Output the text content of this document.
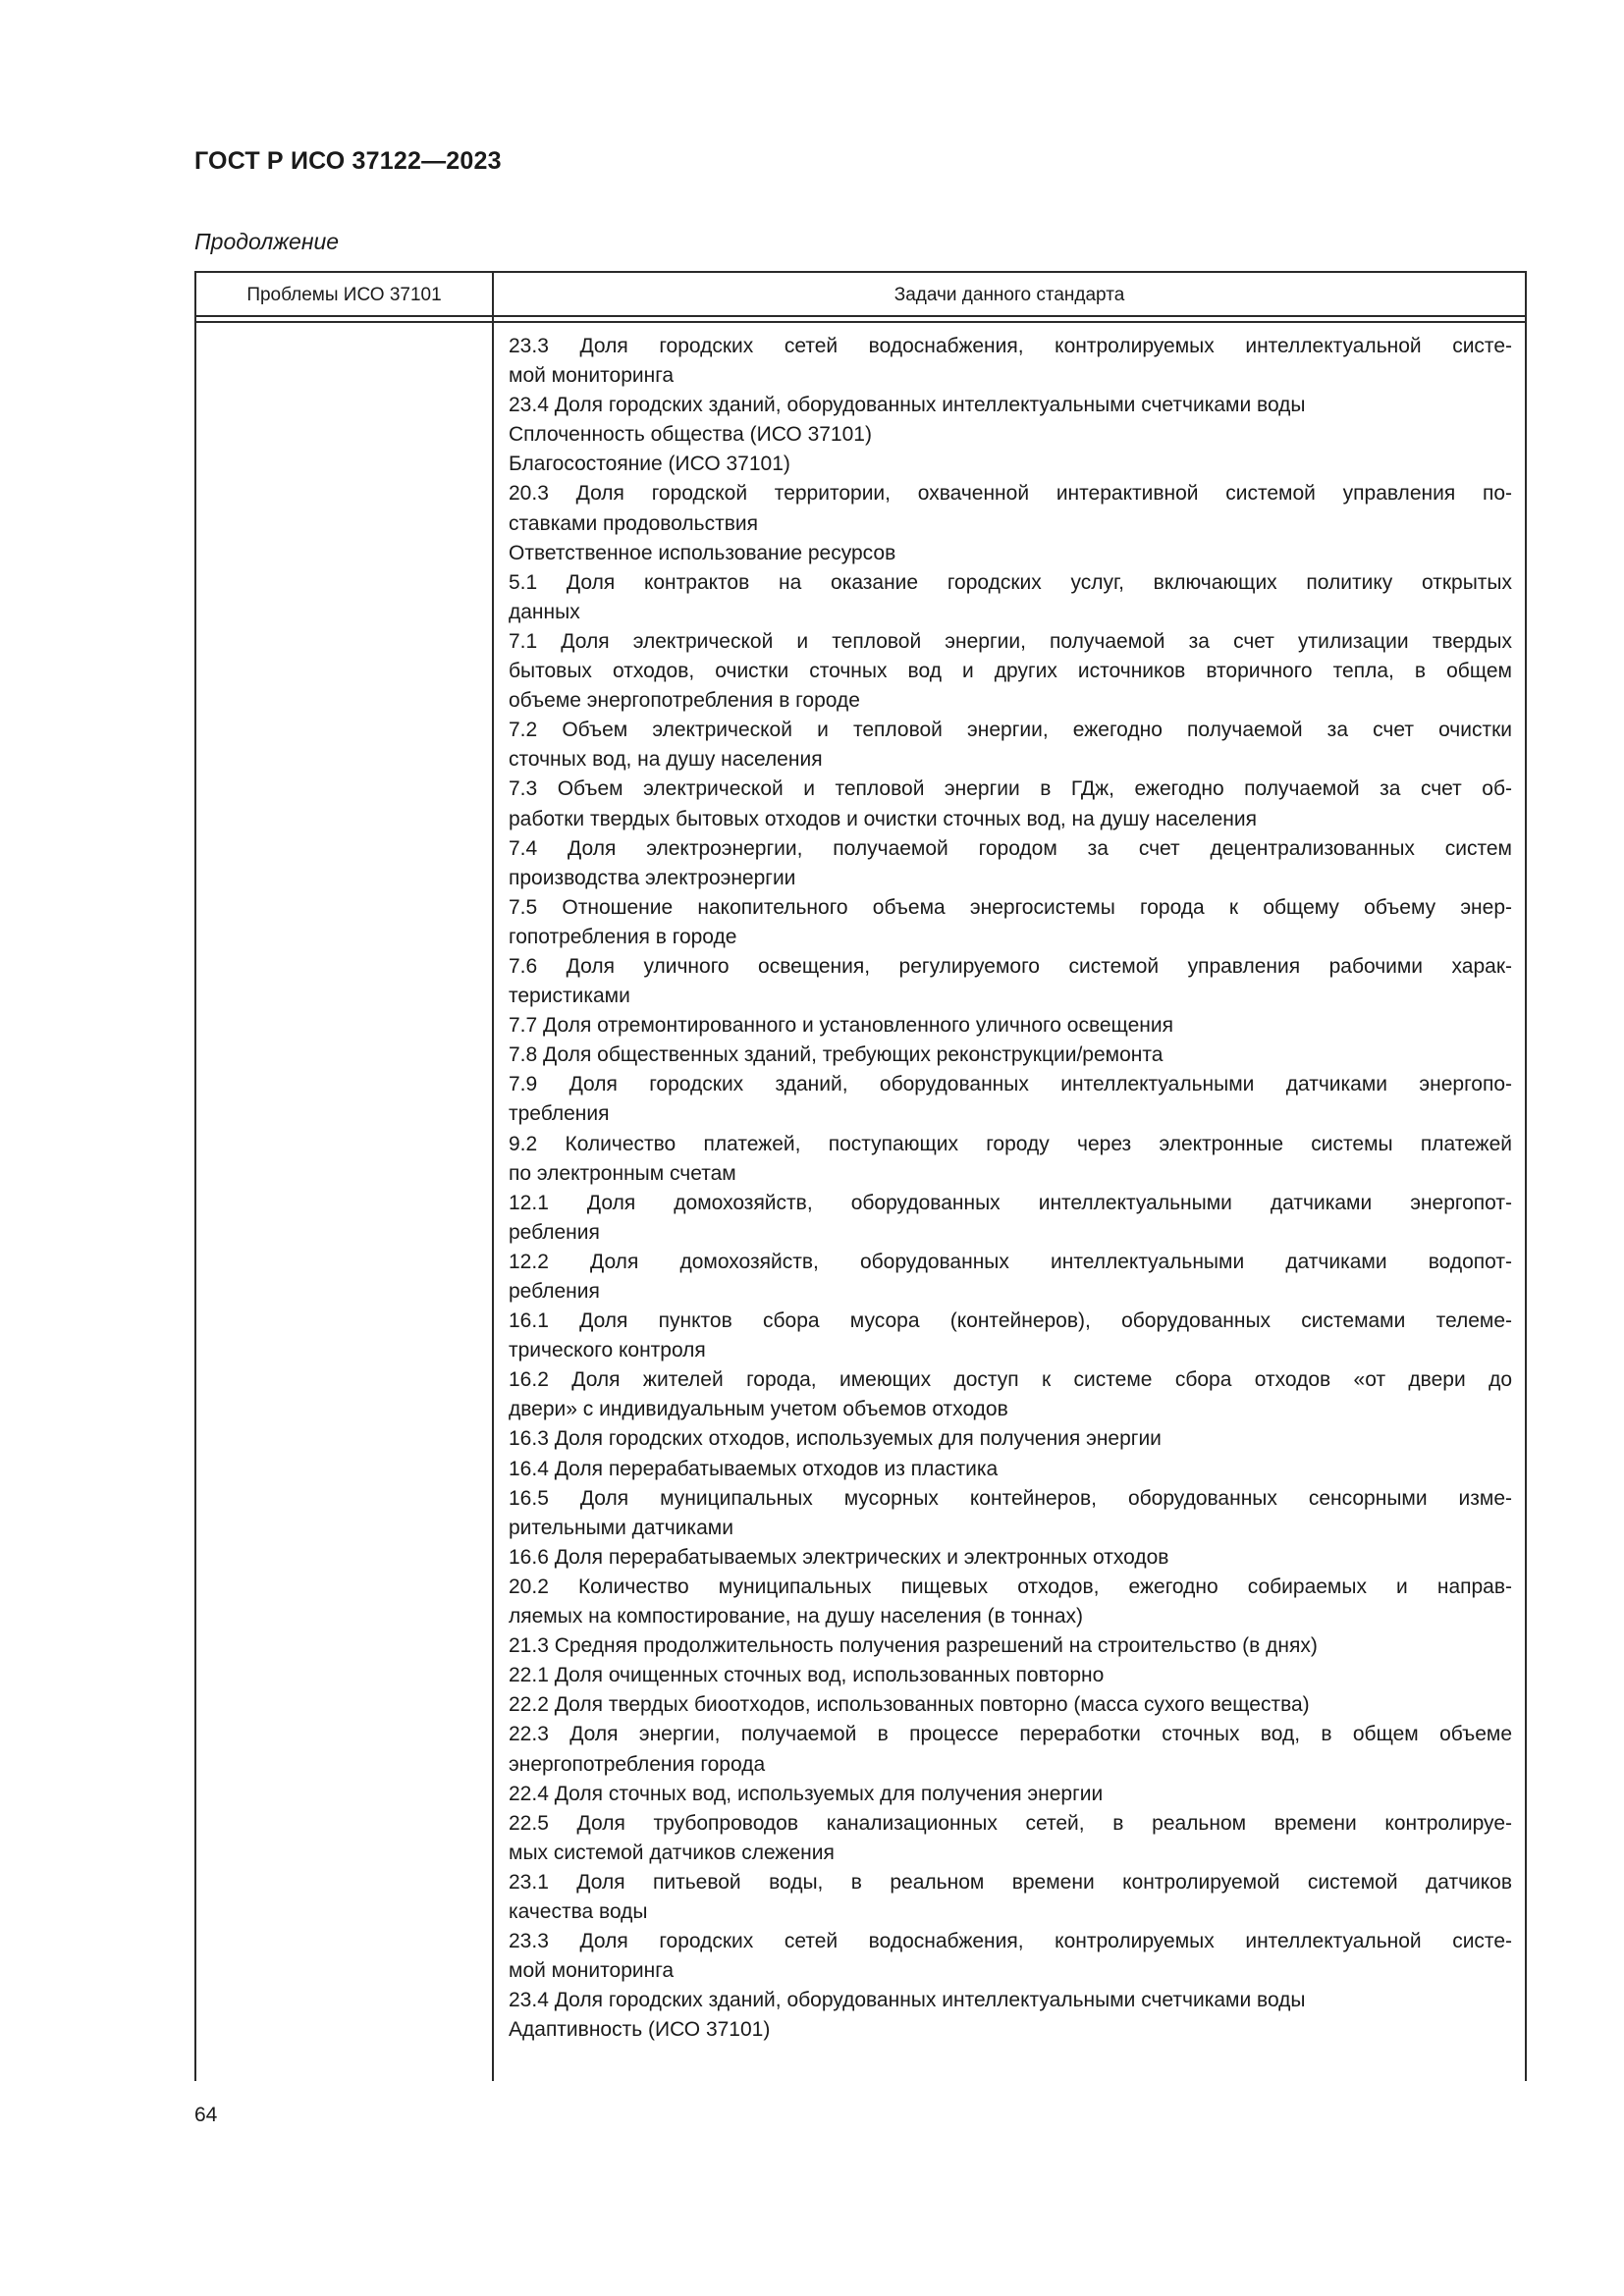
ГОСТ Р ИСО 37122—2023
Продолжение
Проблемы ИСО 37101	Задачи данного стандарта
23.3 Доля городских сетей водоснабжения, контролируемых интеллектуальной систе-
мой мониторинга
23.4 Доля городских зданий, оборудованных интеллектуальными счетчиками воды
Сплоченность общества (ИСО 37101)
Благосостояние (ИСО 37101)
20.3 Доля городской территории, охваченной интерактивной системой управления по-
ставками продовольствия
Ответственное использование ресурсов
5.1 Доля контрактов на оказание городских услуг, включающих политику открытых
данных
7.1 Доля электрической и тепловой энергии, получаемой за счет утилизации твердых
бытовых отходов, очистки сточных вод и других источников вторичного тепла, в общем
объеме энергопотребления в городе
7.2 Объем электрической и тепловой энергии, ежегодно получаемой за счет очистки
сточных вод, на душу населения
7.3 Объем электрической и тепловой энергии в ГДж, ежегодно получаемой за счет об-
работки твердых бытовых отходов и очистки сточных вод, на душу населения
7.4 Доля электроэнергии, получаемой городом за счет децентрализованных систем
производства электроэнергии
7.5 Отношение накопительного объема энергосистемы города к общему объему энер-
гопотребления в городе
7.6 Доля уличного освещения, регулируемого системой управления рабочими харак-
теристиками
7.7 Доля отремонтированного и установленного уличного освещения
7.8 Доля общественных зданий, требующих реконструкции/ремонта
7.9 Доля городских зданий, оборудованных интеллектуальными датчиками энергопо-
требления
9.2 Количество платежей, поступающих городу через электронные системы платежей
по электронным счетам
12.1 Доля домохозяйств, оборудованных интеллектуальными датчиками энергопот-
ребления
12.2 Доля домохозяйств, оборудованных интеллектуальными датчиками водопот-
ребления
16.1 Доля пунктов сбора мусора (контейнеров), оборудованных системами телеме-
трического контроля
16.2 Доля жителей города, имеющих доступ к системе сбора отходов «от двери до
двери» с индивидуальным учетом объемов отходов
16.3 Доля городских отходов, используемых для получения энергии
16.4 Доля перерабатываемых отходов из пластика
16.5 Доля муниципальных мусорных контейнеров, оборудованных сенсорными изме-
рительными датчиками
16.6 Доля перерабатываемых электрических и электронных отходов
20.2 Количество муниципальных пищевых отходов, ежегодно собираемых и направ-
ляемых на компостирование, на душу населения (в тоннах)
21.3 Средняя продолжительность получения разрешений на строительство (в днях)
22.1 Доля очищенных сточных вод, использованных повторно
22.2 Доля твердых биоотходов, использованных повторно (масса сухого вещества)
22.3 Доля энергии, получаемой в процессе переработки сточных вод, в общем объеме
энергопотребления города
22.4 Доля сточных вод, используемых для получения энергии
22.5 Доля трубопроводов канализационных сетей, в реальном времени контролируе-
мых системой датчиков слежения
23.1 Доля питьевой воды, в реальном времени контролируемой системой датчиков
качества воды
23.3 Доля городских сетей водоснабжения, контролируемых интеллектуальной систе-
мой мониторинга
23.4 Доля городских зданий, оборудованных интеллектуальными счетчиками воды
Адаптивность (ИСО 37101)
64
